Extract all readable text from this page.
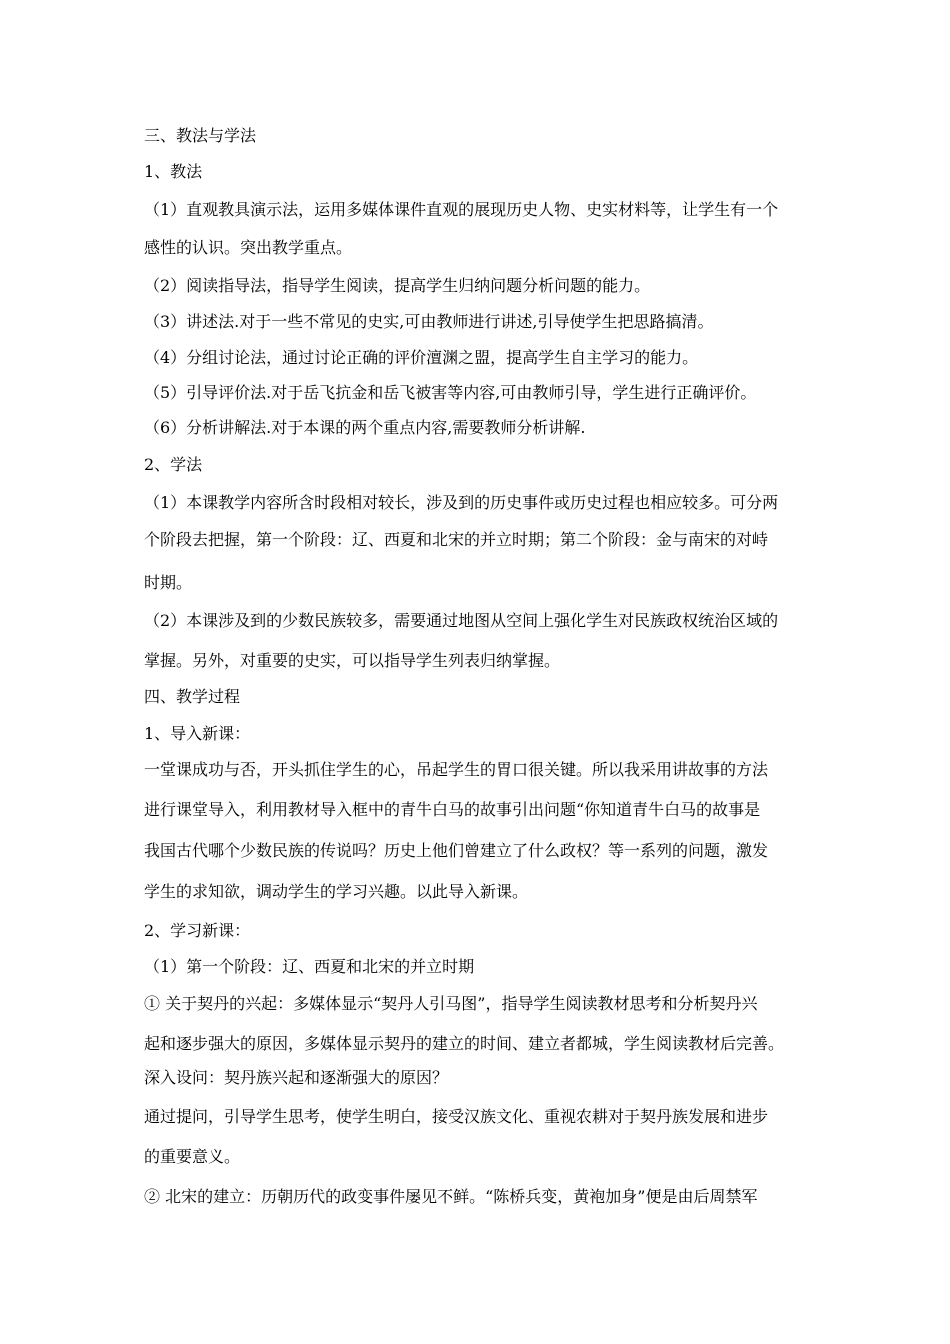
三、教法与学法
1、教法
（1）直观教具演示法，运用多媒体课件直观的展现历史人物、史实材料等，让学生有一个
感性的认识。突出教学重点。
（2）阅读指导法，指导学生阅读，提高学生归纳问题分析问题的能力。
（3）讲述法.对于一些不常见的史实,可由教师进行讲述,引导使学生把思路搞清。
（4）分组讨论法，通过讨论正确的评价澶渊之盟，提高学生自主学习的能力。
（5）引导评价法.对于岳飞抗金和岳飞被害等内容,可由教师引导，学生进行正确评价。
（6）分析讲解法.对于本课的两个重点内容,需要教师分析讲解.
2、学法
（1）本课教学内容所含时段相对较长，涉及到的历史事件或历史过程也相应较多。可分两
个阶段去把握，第一个阶段：辽、西夏和北宋的并立时期；第二个阶段：金与南宋的对峙
时期。
（2）本课涉及到的少数民族较多，需要通过地图从空间上强化学生对民族政权统治区域的
掌握。另外，对重要的史实，可以指导学生列表归纳掌握。
四、教学过程
1、导入新课：
一堂课成功与否，开头抓住学生的心，吊起学生的胃口很关键。所以我采用讲故事的方法
进行课堂导入，利用教材导入框中的青牛白马的故事引出问题“你知道青牛白马的故事是
我国古代哪个少数民族的传说吗？历史上他们曾建立了什么政权？等一系列的问题，激发
学生的求知欲，调动学生的学习兴趣。以此导入新课。
2、学习新课：
（1）第一个阶段：辽、西夏和北宋的并立时期
① 关于契丹的兴起：多媒体显示“契丹人引马图”，指导学生阅读教材思考和分析契丹兴
起和逐步强大的原因，多媒体显示契丹的建立的时间、建立者都城，学生阅读教材后完善。
深入设问：契丹族兴起和逐渐强大的原因？
通过提问，引导学生思考，使学生明白，接受汉族文化、重视农耕对于契丹族发展和进步
的重要意义。
② 北宋的建立：历朝历代的政变事件屡见不鲜。“陈桥兵变，黄袍加身”便是由后周禁军
